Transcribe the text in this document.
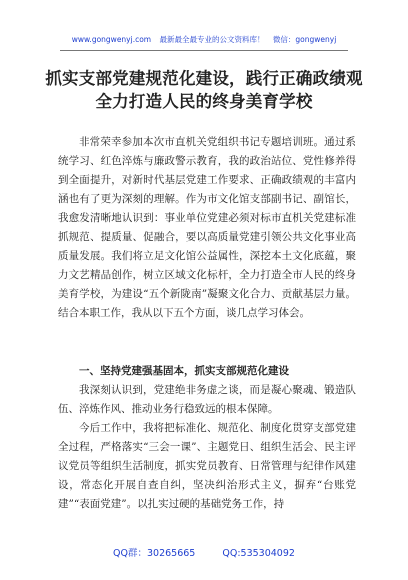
www.gongwenyj.com 最新最全最专业的公文资料库！ 微信：gongwenyj
抓实支部党建规范化建设，践行正确政绩观
全力打造人民的终身美育学校

非常荣幸参加本次市直机关党组织书记专题培训班。通过系统学习、红色淬炼与廉政警示教育，我的政治站位、党性修养得到全面提升，对新时代基层党建工作要求、正确政绩观的丰富内涵也有了更为深刻的理解。作为市文化馆支部副书记、副馆长，我愈发清晰地认识到：事业单位党建必须对标市直机关党建标准抓规范、提质量、促融合，要以高质量党建引领公共文化事业高质量发展。我们将立足文化馆公益属性，深挖本土文化底蕴，聚力文艺精品创作，树立区域文化标杆，全力打造全市人民的终身美育学校，为建设“五个新陇南”凝聚文化合力、贡献基层力量。结合本职工作，我从以下五个方面，谈几点学习体会。

一、坚持党建强基固本，抓实支部规范化建设

我深刻认识到，党建绝非务虚之谈，而是凝心聚魂、锻造队伍、淬炼作风、推动业务行稳致远的根本保障。

今后工作中，我将把标准化、规范化、制度化贯穿支部党建全过程，严格落实“三会一课”、主题党日、组织生活会、民主评议党员等组织生活制度，抓实党员教育、日常管理与纪律作风建设，常态化开展自查自纠，坚决纠治形式主义，摒弃“台账党建”“表面党建”。以扎实过硬的基础党务工作，持

QQ群：30265665	QQ:535304092
